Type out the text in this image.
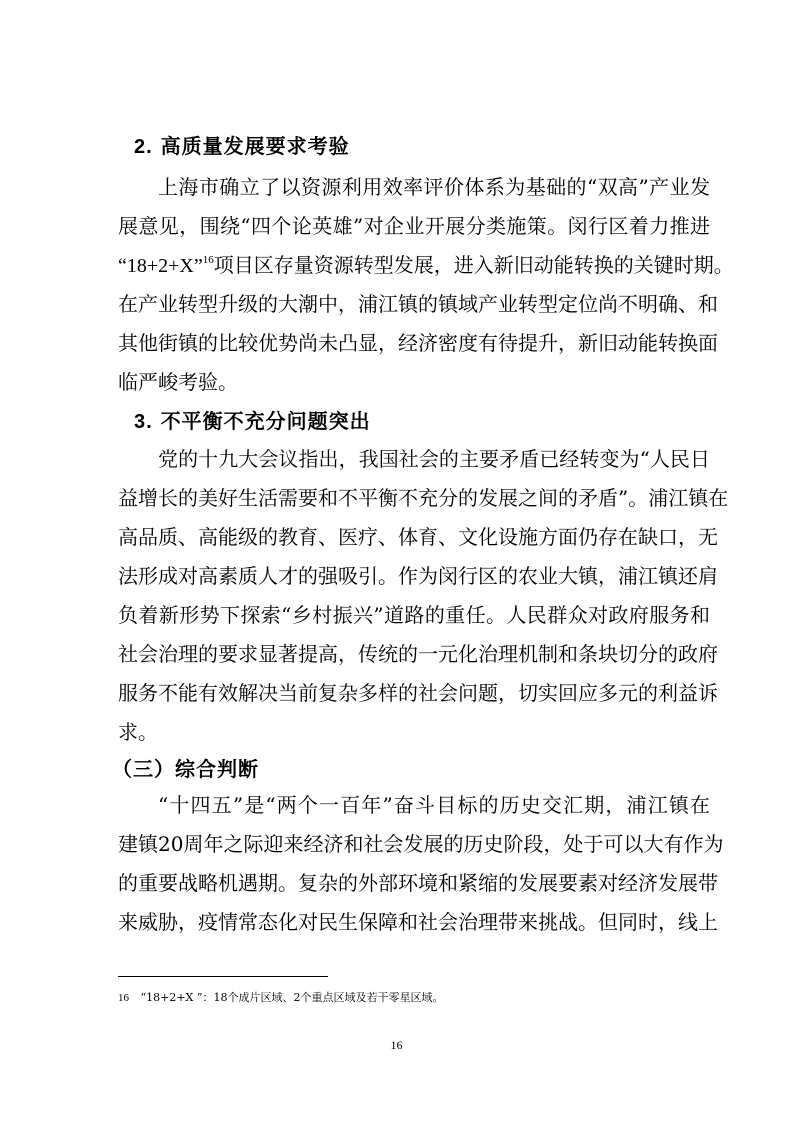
2. 高质量发展要求考验
上海市确立了以资源利用效率评价体系为基础的“双高”产业发
展意见，围绕“四个论英雄”对企业开展分类施策。闵行区着力推进
“18+2+X”$^{16}$项目区存量资源转型发展，进入新旧动能转换的关键时期。
在产业转型升级的大潮中，浦江镇的镇域产业转型定位尚不明确、和
其他街镇的比较优势尚未凸显，经济密度有待提升，新旧动能转换面
临严峻考验。
3. 不平衡不充分问题突出
党的十九大会议指出，我国社会的主要矛盾已经转变为“人民日
益增长的美好生活需要和不平衡不充分的发展之间的矛盾”。浦江镇在
高品质、高能级的教育、医疗、体育、文化设施方面仍存在缺口，无
法形成对高素质人才的强吸引。作为闵行区的农业大镇，浦江镇还肩
负着新形势下探索“乡村振兴”道路的重任。人民群众对政府服务和
社会治理的要求显著提高，传统的一元化治理机制和条块切分的政府
服务不能有效解决当前复杂多样的社会问题，切实回应多元的利益诉
求。
（三）综合判断
“十四五”是“两个一百年”奋斗目标的历史交汇期，浦江镇在
建镇20周年之际迎来经济和社会发展的历史阶段，处于可以大有作为
的重要战略机遇期。复杂的外部环境和紧缩的发展要素对经济发展带
来威胁，疫情常态化对民生保障和社会治理带来挑战。但同时，线上
16 “18+2+X ”：18个成片区域、2个重点区域及若干零星区域。
16
